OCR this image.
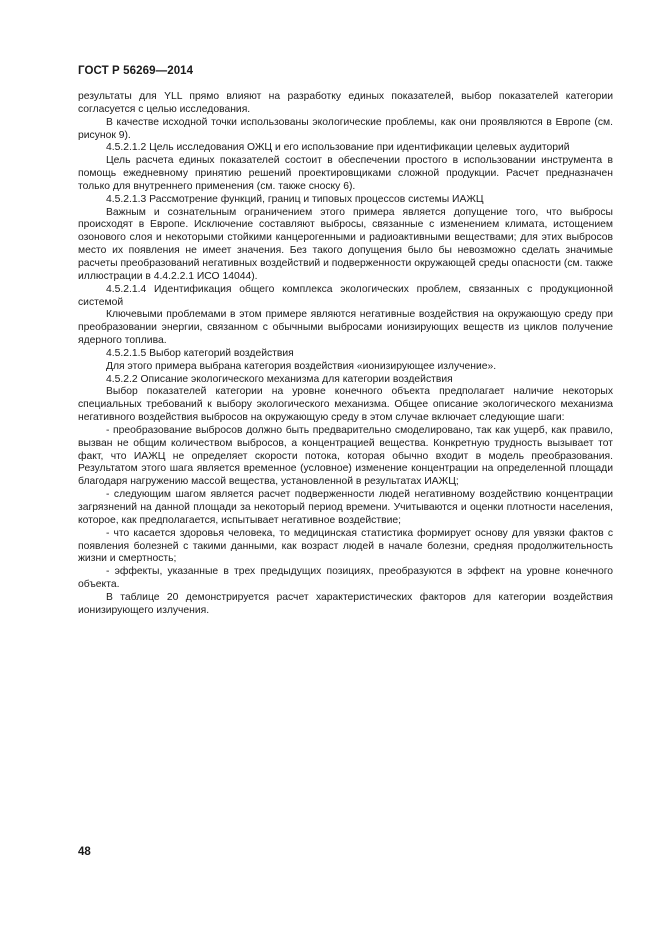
ГОСТ Р 56269—2014

результаты для YLL прямо влияют на разработку единых показателей, выбор показателей категории согласуется с целью исследования.

В качестве исходной точки использованы экологические проблемы, как они проявляются в Европе (см. рисунок 9).

4.5.2.1.2 Цель исследования ОЖЦ и его использование при идентификации целевых аудиторий

Цель расчета единых показателей состоит в обеспечении простого в использовании инструмента в помощь ежедневному принятию решений проектировщиками сложной продукции. Расчет предназначен только для внутреннего применения (см. также сноску 6).

4.5.2.1.3 Рассмотрение функций, границ и типовых процессов системы ИАЖЦ

Важным и сознательным ограничением этого примера является допущение того, что выбросы происходят в Европе. Исключение составляют выбросы, связанные с изменением климата, истощением озонового слоя и некоторыми стойкими канцерогенными и радиоактивными веществами; для этих выбросов место их появления не имеет значения. Без такого допущения было бы невозможно сделать значимые расчеты преобразований негативных воздействий и подверженности окружающей среды опасности (см. также иллюстрации в 4.4.2.2.1 ИСО 14044).

4.5.2.1.4 Идентификация общего комплекса экологических проблем, связанных с продукционной системой

Ключевыми проблемами в этом примере являются негативные воздействия на окружающую среду при преобразовании энергии, связанном с обычными выбросами ионизирующих веществ из циклов получение ядерного топлива.

4.5.2.1.5 Выбор категорий воздействия

Для этого примера выбрана категория воздействия «ионизирующее излучение».

4.5.2.2 Описание экологического механизма для категории воздействия

Выбор показателей категории на уровне конечного объекта предполагает наличие некоторых специальных требований к выбору экологического механизма. Общее описание экологического механизма негативного воздействия выбросов на окружающую среду в этом случае включает следующие шаги:

- преобразование выбросов должно быть предварительно смоделировано, так как ущерб, как правило, вызван не общим количеством выбросов, а концентрацией вещества. Конкретную трудность вызывает тот факт, что ИАЖЦ не определяет скорости потока, которая обычно входит в модель преобразования. Результатом этого шага является временное (условное) изменение концентрации на определенной площади благодаря нагружению массой вещества, установленной в результатах ИАЖЦ;

- следующим шагом является расчет подверженности людей негативному воздействию концентрации загрязнений на данной площади за некоторый период времени. Учитываются и оценки плотности населения, которое, как предполагается, испытывает негативное воздействие;

- что касается здоровья человека, то медицинская статистика формирует основу для увязки фактов с появления болезней с такими данными, как возраст людей в начале болезни, средняя продолжительность жизни и смертность;

- эффекты, указанные в трех предыдущих позициях, преобразуются в эффект на уровне конечного объекта.

В таблице 20 демонстрируется расчет характеристических факторов для категории воздействия ионизирующего излучения.

48
